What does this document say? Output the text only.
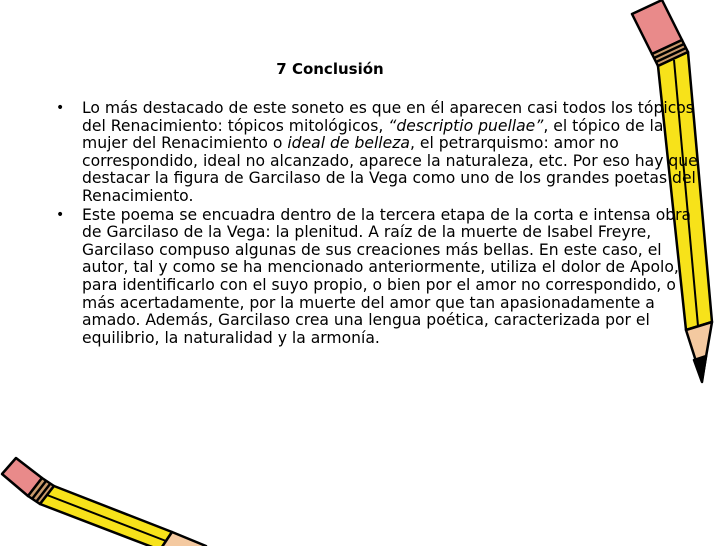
7 Conclusión
• Lo más destacado de este soneto es que en él aparecen casi todos los tópicos del Renacimiento: tópicos mitológicos, “descriptio puellae”, el tópico de la mujer del Renacimiento o ideal de belleza, el petrarquismo: amor no correspondido, ideal no alcanzado, aparece la naturaleza, etc. Por eso hay que destacar la figura de Garcilaso de la Vega como uno de los grandes poetas del Renacimiento.
• Este poema se encuadra dentro de la tercera etapa de la corta e intensa obra de Garcilaso de la Vega: la plenitud. A raíz de la muerte de Isabel Freyre, Garcilaso compuso algunas de sus creaciones más bellas. En este caso, el autor, tal y como se ha mencionado anteriormente, utiliza el dolor de Apolo, para identificarlo con el suyo propio, o bien por el amor no correspondido, o más acertadamente, por la muerte del amor que tan apasionadamente a amado. Además, Garcilaso crea una lengua poética, caracterizada por el equilibrio, la naturalidad y la armonía.
